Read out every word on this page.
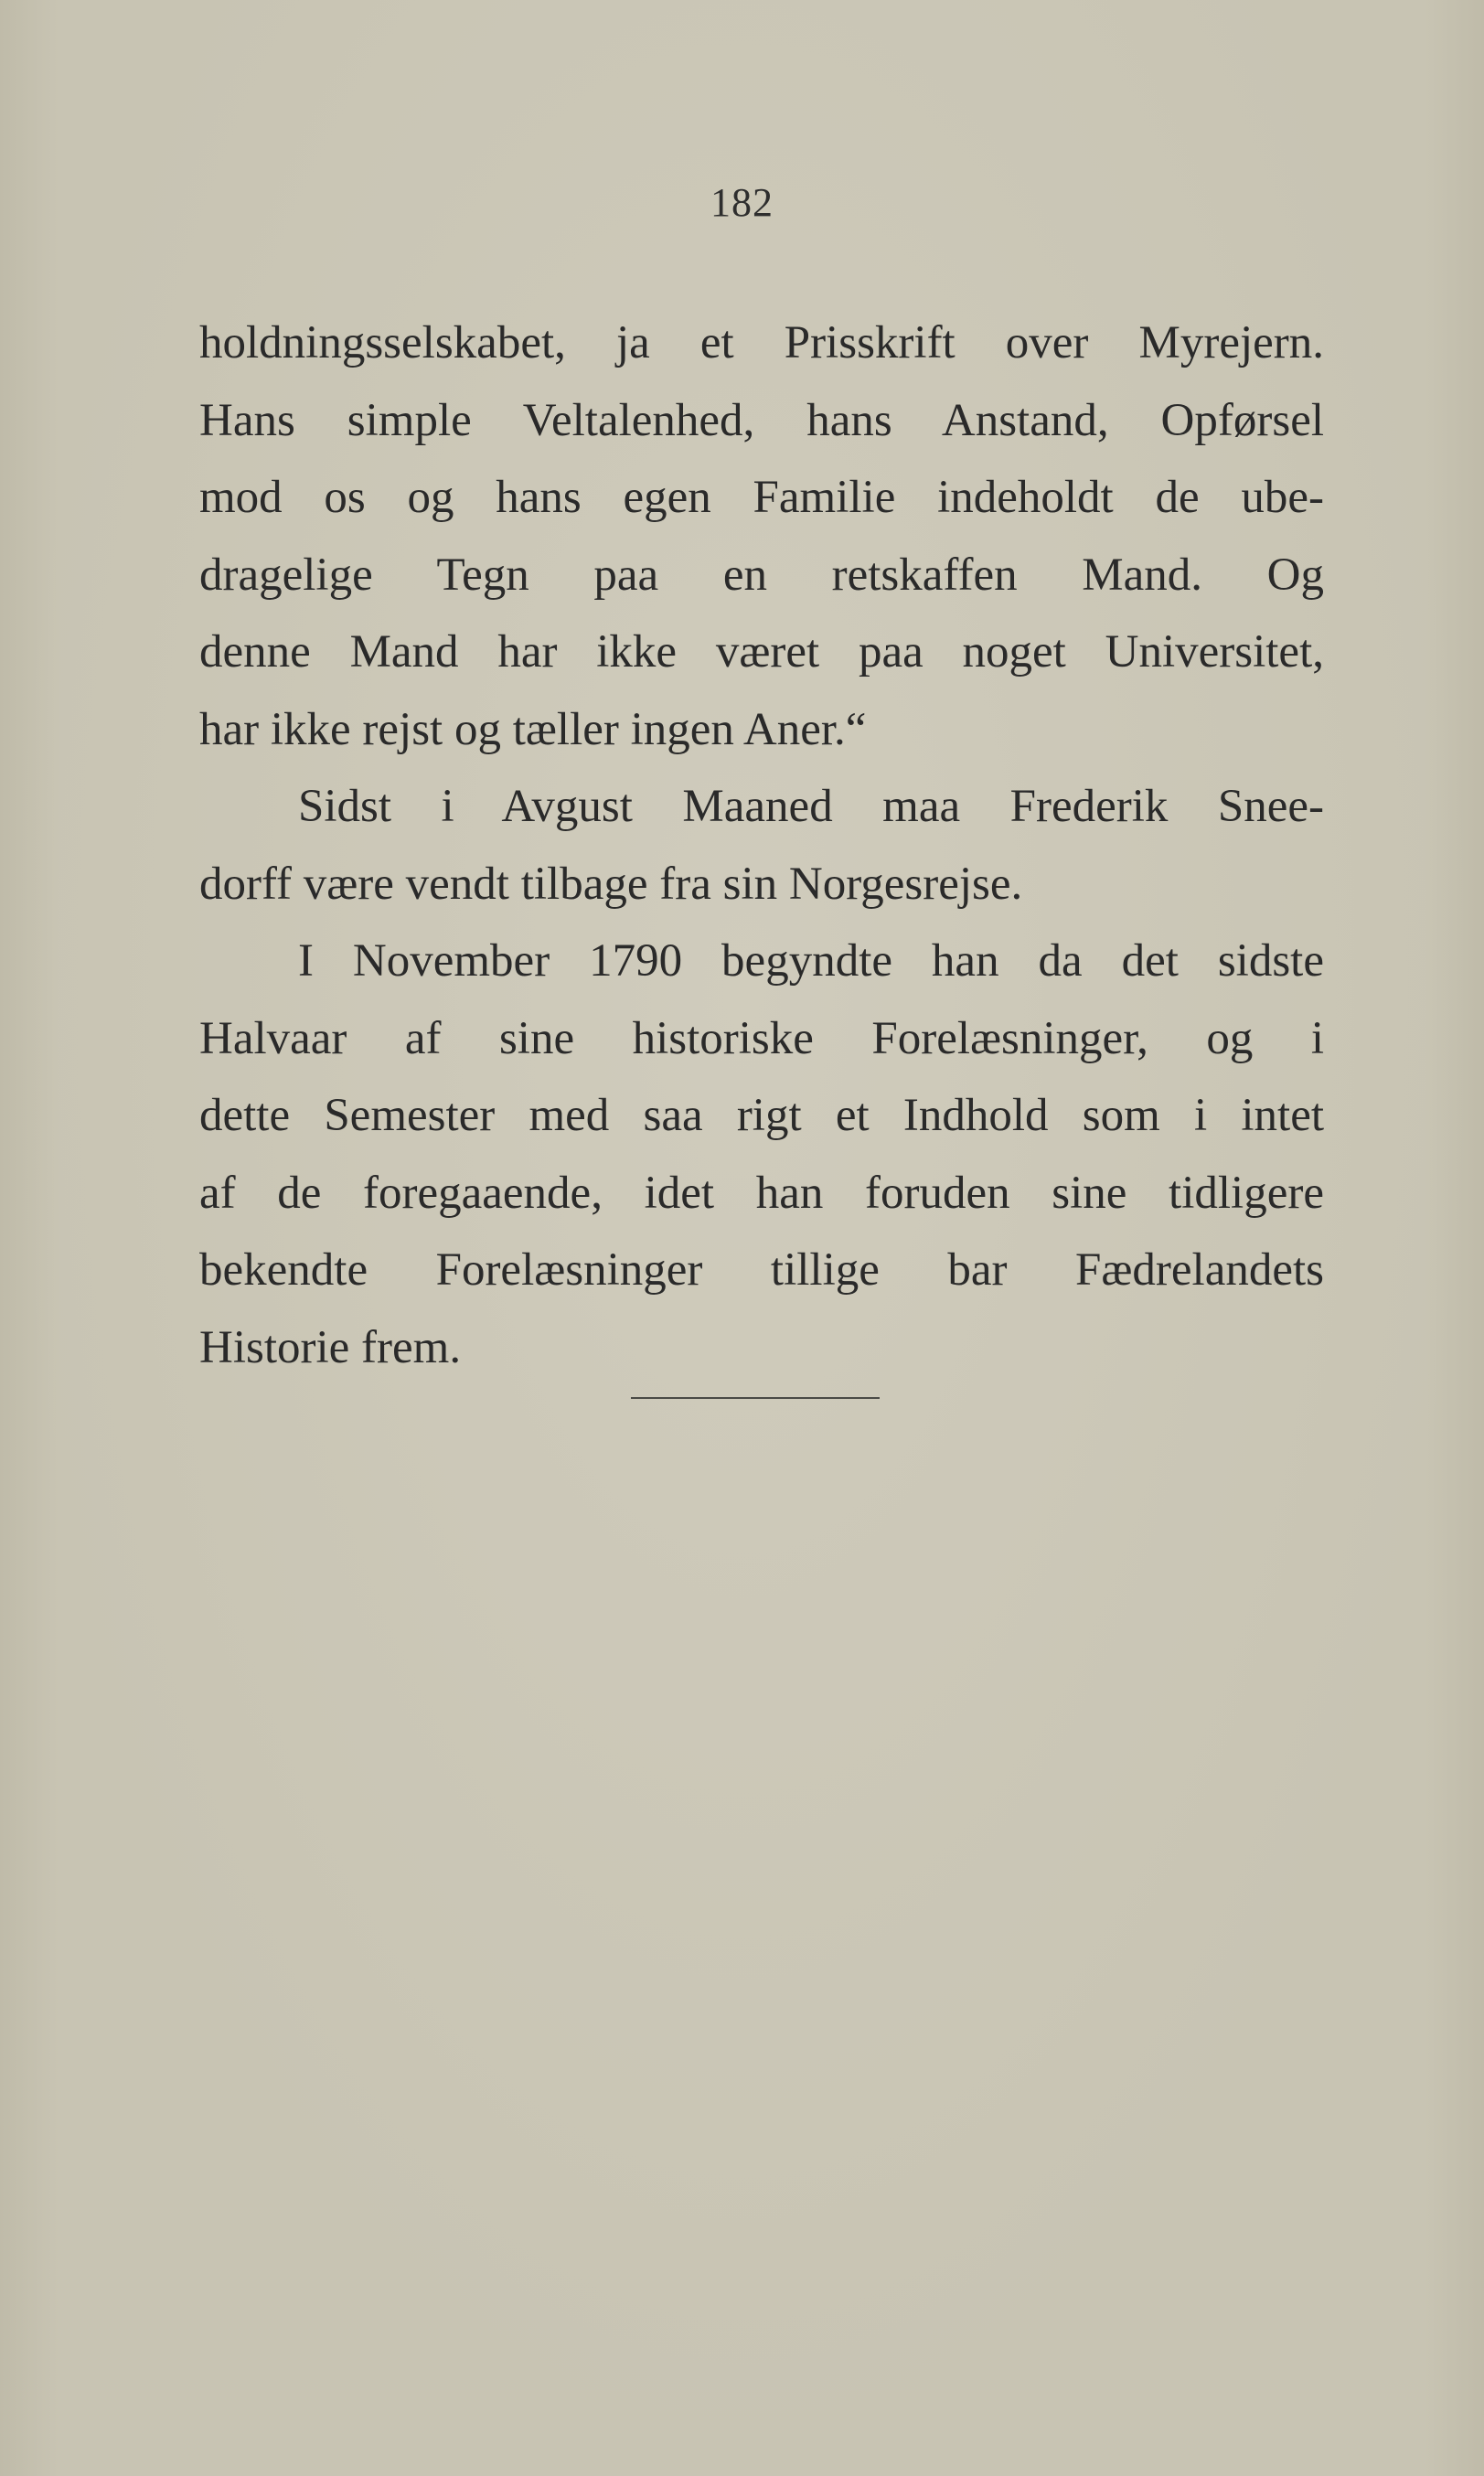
182
holdningsselskabet, ja et Prisskrift over Myrejern.
Hans simple Veltalenhed, hans Anstand, Opførsel
mod os og hans egen Familie indeholdt de ube-
dragelige Tegn paa en retskaffen Mand. Og
denne Mand har ikke været paa noget Universitet,
har ikke rejst og tæller ingen Aner.“
Sidst i Avgust Maaned maa Frederik Snee-
dorff være vendt tilbage fra sin Norgesrejse.
I November 1790 begyndte han da det sidste
Halvaar af sine historiske Forelæsninger, og i
dette Semester med saa rigt et Indhold som i intet
af de foregaaende, idet han foruden sine tidligere
bekendte Forelæsninger tillige bar Fædrelandets
Historie frem.
